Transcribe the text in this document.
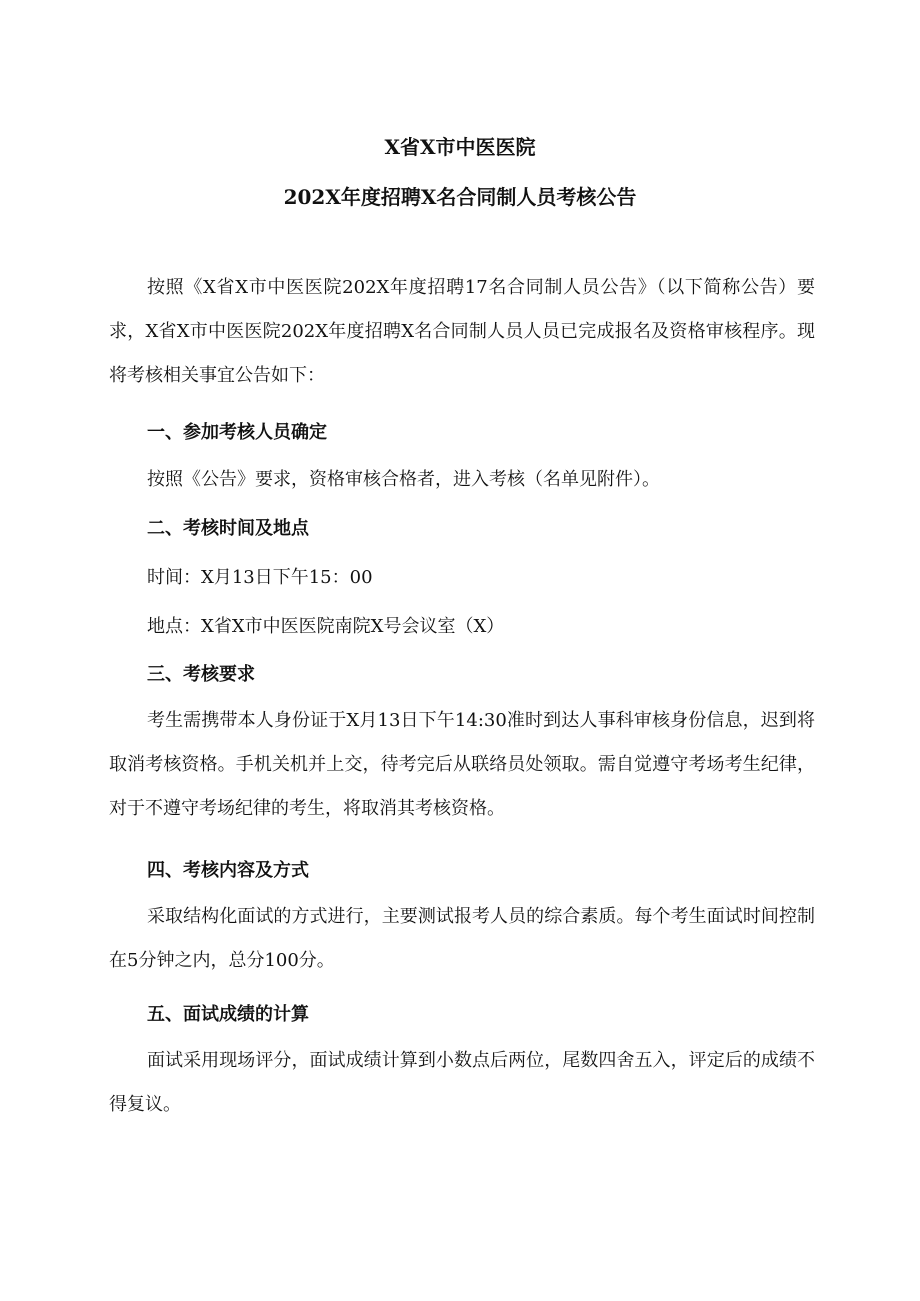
X省X市中医医院
202X年度招聘X名合同制人员考核公告

按照《X省X市中医医院202X年度招聘17名合同制人员公告》（以下简称公告）要求，X省X市中医医院202X年度招聘X名合同制人员人员已完成报名及资格审核程序。现将考核相关事宜公告如下：

一、参加考核人员确定

按照《公告》要求，资格审核合格者，进入考核（名单见附件）。

二、考核时间及地点

时间：X月13日下午15：00

地点：X省X市中医医院南院X号会议室（X）

三、考核要求

考生需携带本人身份证于X月13日下午14:30准时到达人事科审核身份信息，迟到将取消考核资格。手机关机并上交，待考完后从联络员处领取。需自觉遵守考场考生纪律，对于不遵守考场纪律的考生，将取消其考核资格。

四、考核内容及方式

采取结构化面试的方式进行，主要测试报考人员的综合素质。每个考生面试时间控制在5分钟之内，总分100分。

五、面试成绩的计算

面试采用现场评分，面试成绩计算到小数点后两位，尾数四舍五入，评定后的成绩不得复议。
